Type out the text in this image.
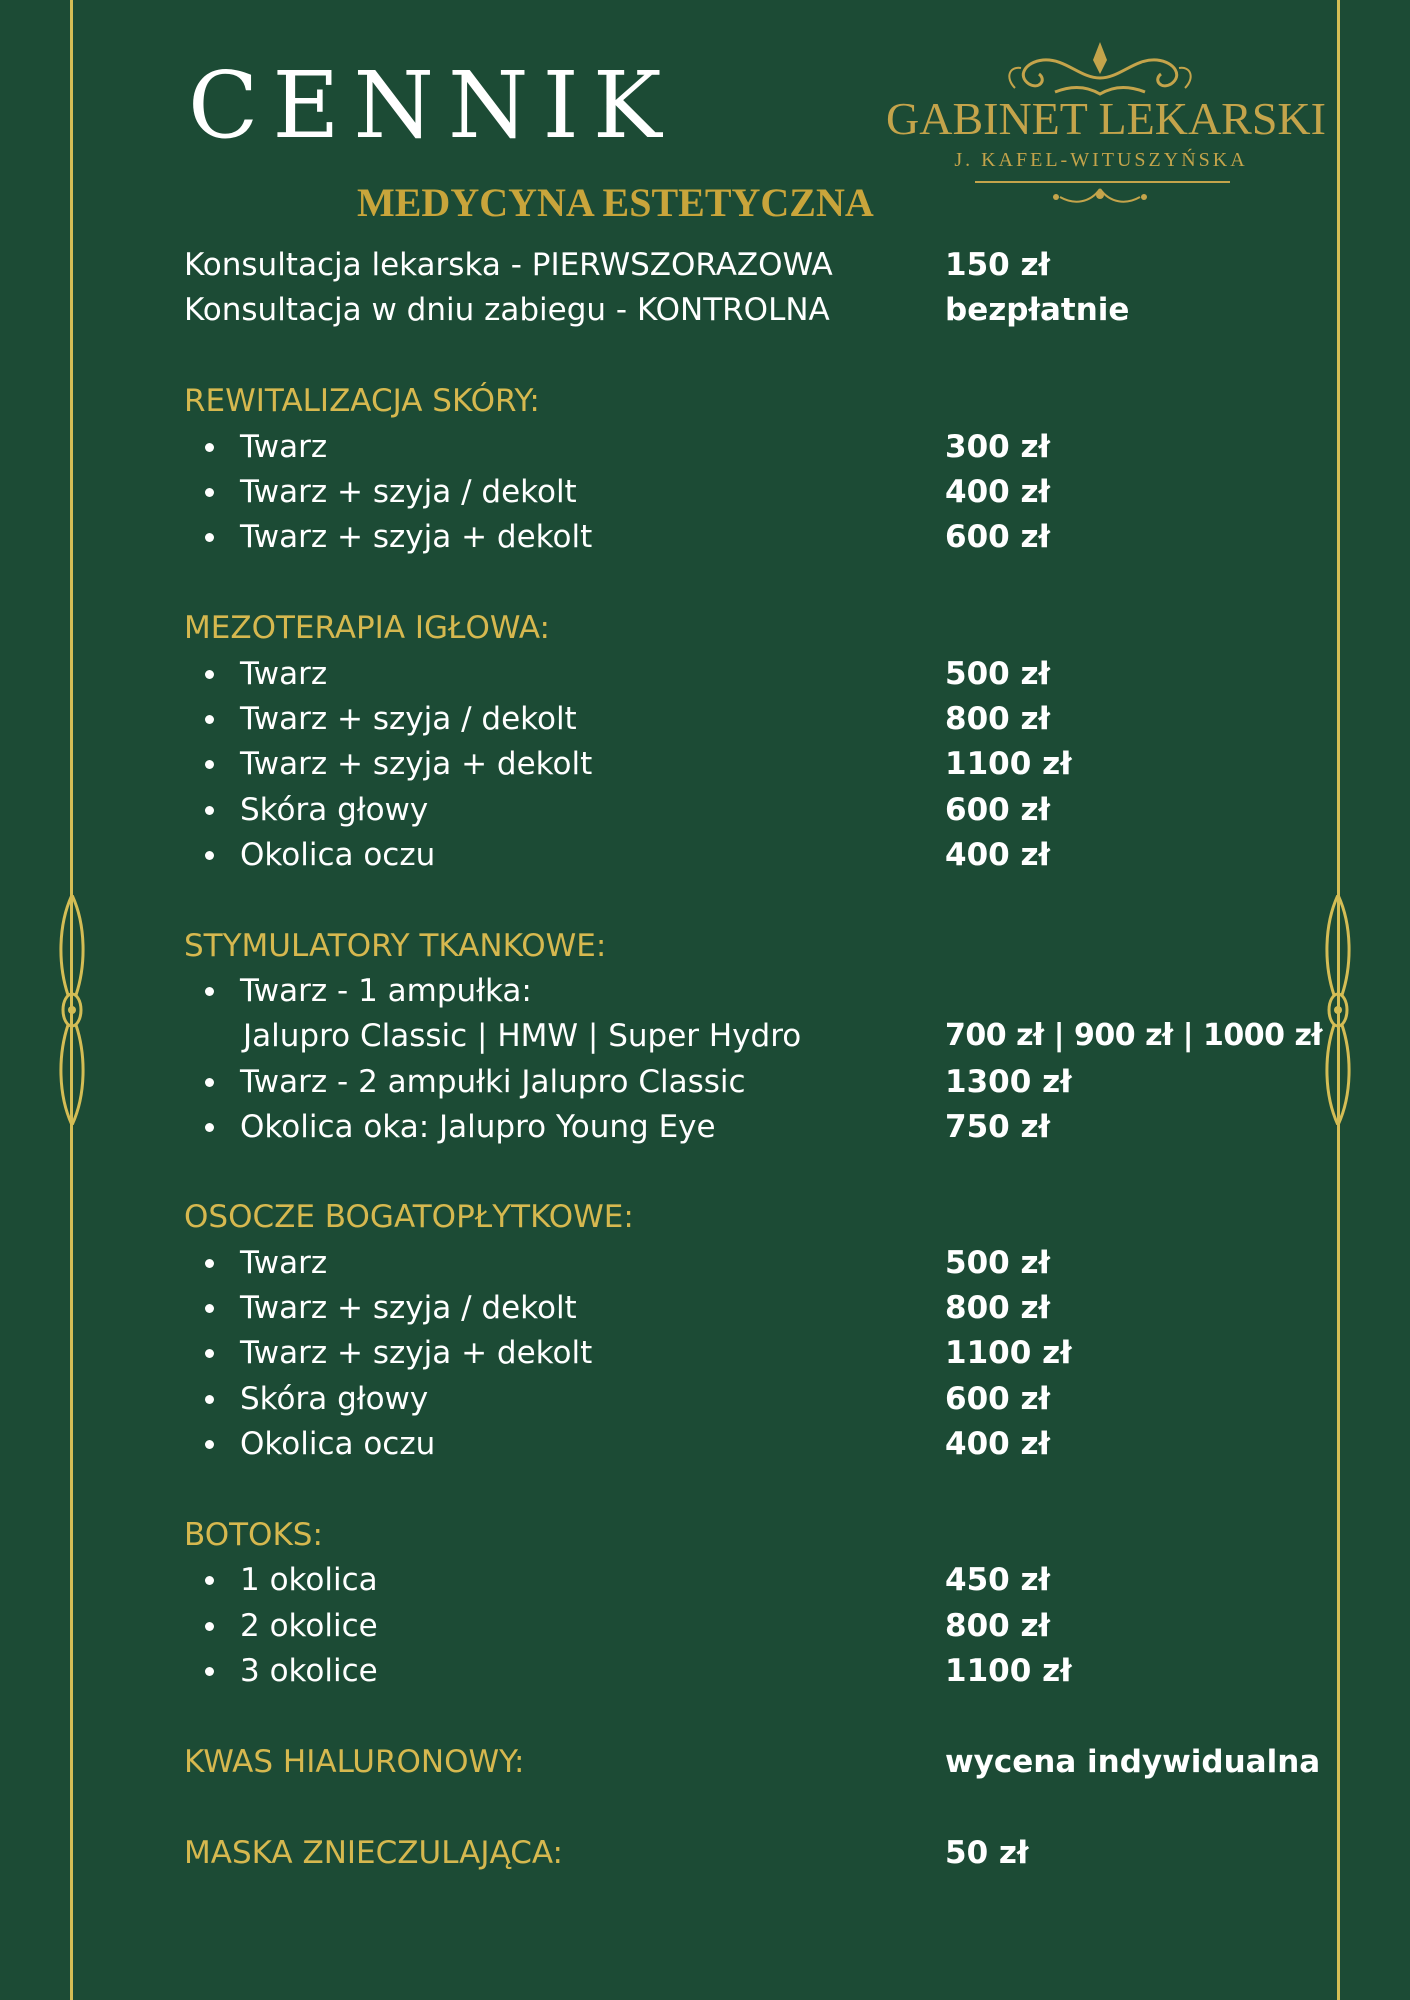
CENNIK
MEDYCYNA ESTETYCZNA
GABINET LEKARSKI
J. KAFEL-WITUSZYŃSKA
Konsultacja lekarska - PIERWSZORAZOWA	150 zł
Konsultacja w dniu zabiegu - KONTROLNA	bezpłatnie
REWITALIZACJA SKÓRY:
Twarz	300 zł
Twarz + szyja / dekolt	400 zł
Twarz + szyja + dekolt	600 zł
MEZOTERAPIA IGŁOWA:
Twarz	500 zł
Twarz + szyja / dekolt	800 zł
Twarz + szyja + dekolt	1100 zł
Skóra głowy	600 zł
Okolica oczu	400 zł
STYMULATORY TKANKOWE:
Twarz - 1 ampułka:
Jalupro Classic | HMW | Super Hydro	700 zł | 900 zł | 1000 zł
Twarz - 2 ampułki Jalupro Classic	1300 zł
Okolica oka: Jalupro Young Eye	750 zł
OSOCZE BOGATOPŁYTKOWE:
Twarz	500 zł
Twarz + szyja / dekolt	800 zł
Twarz + szyja + dekolt	1100 zł
Skóra głowy	600 zł
Okolica oczu	400 zł
BOTOKS:
1 okolica	450 zł
2 okolice	800 zł
3 okolice	1100 zł
KWAS HIALURONOWY:	wycena indywidualna
MASKA ZNIECZULAJĄCA:	50 zł
